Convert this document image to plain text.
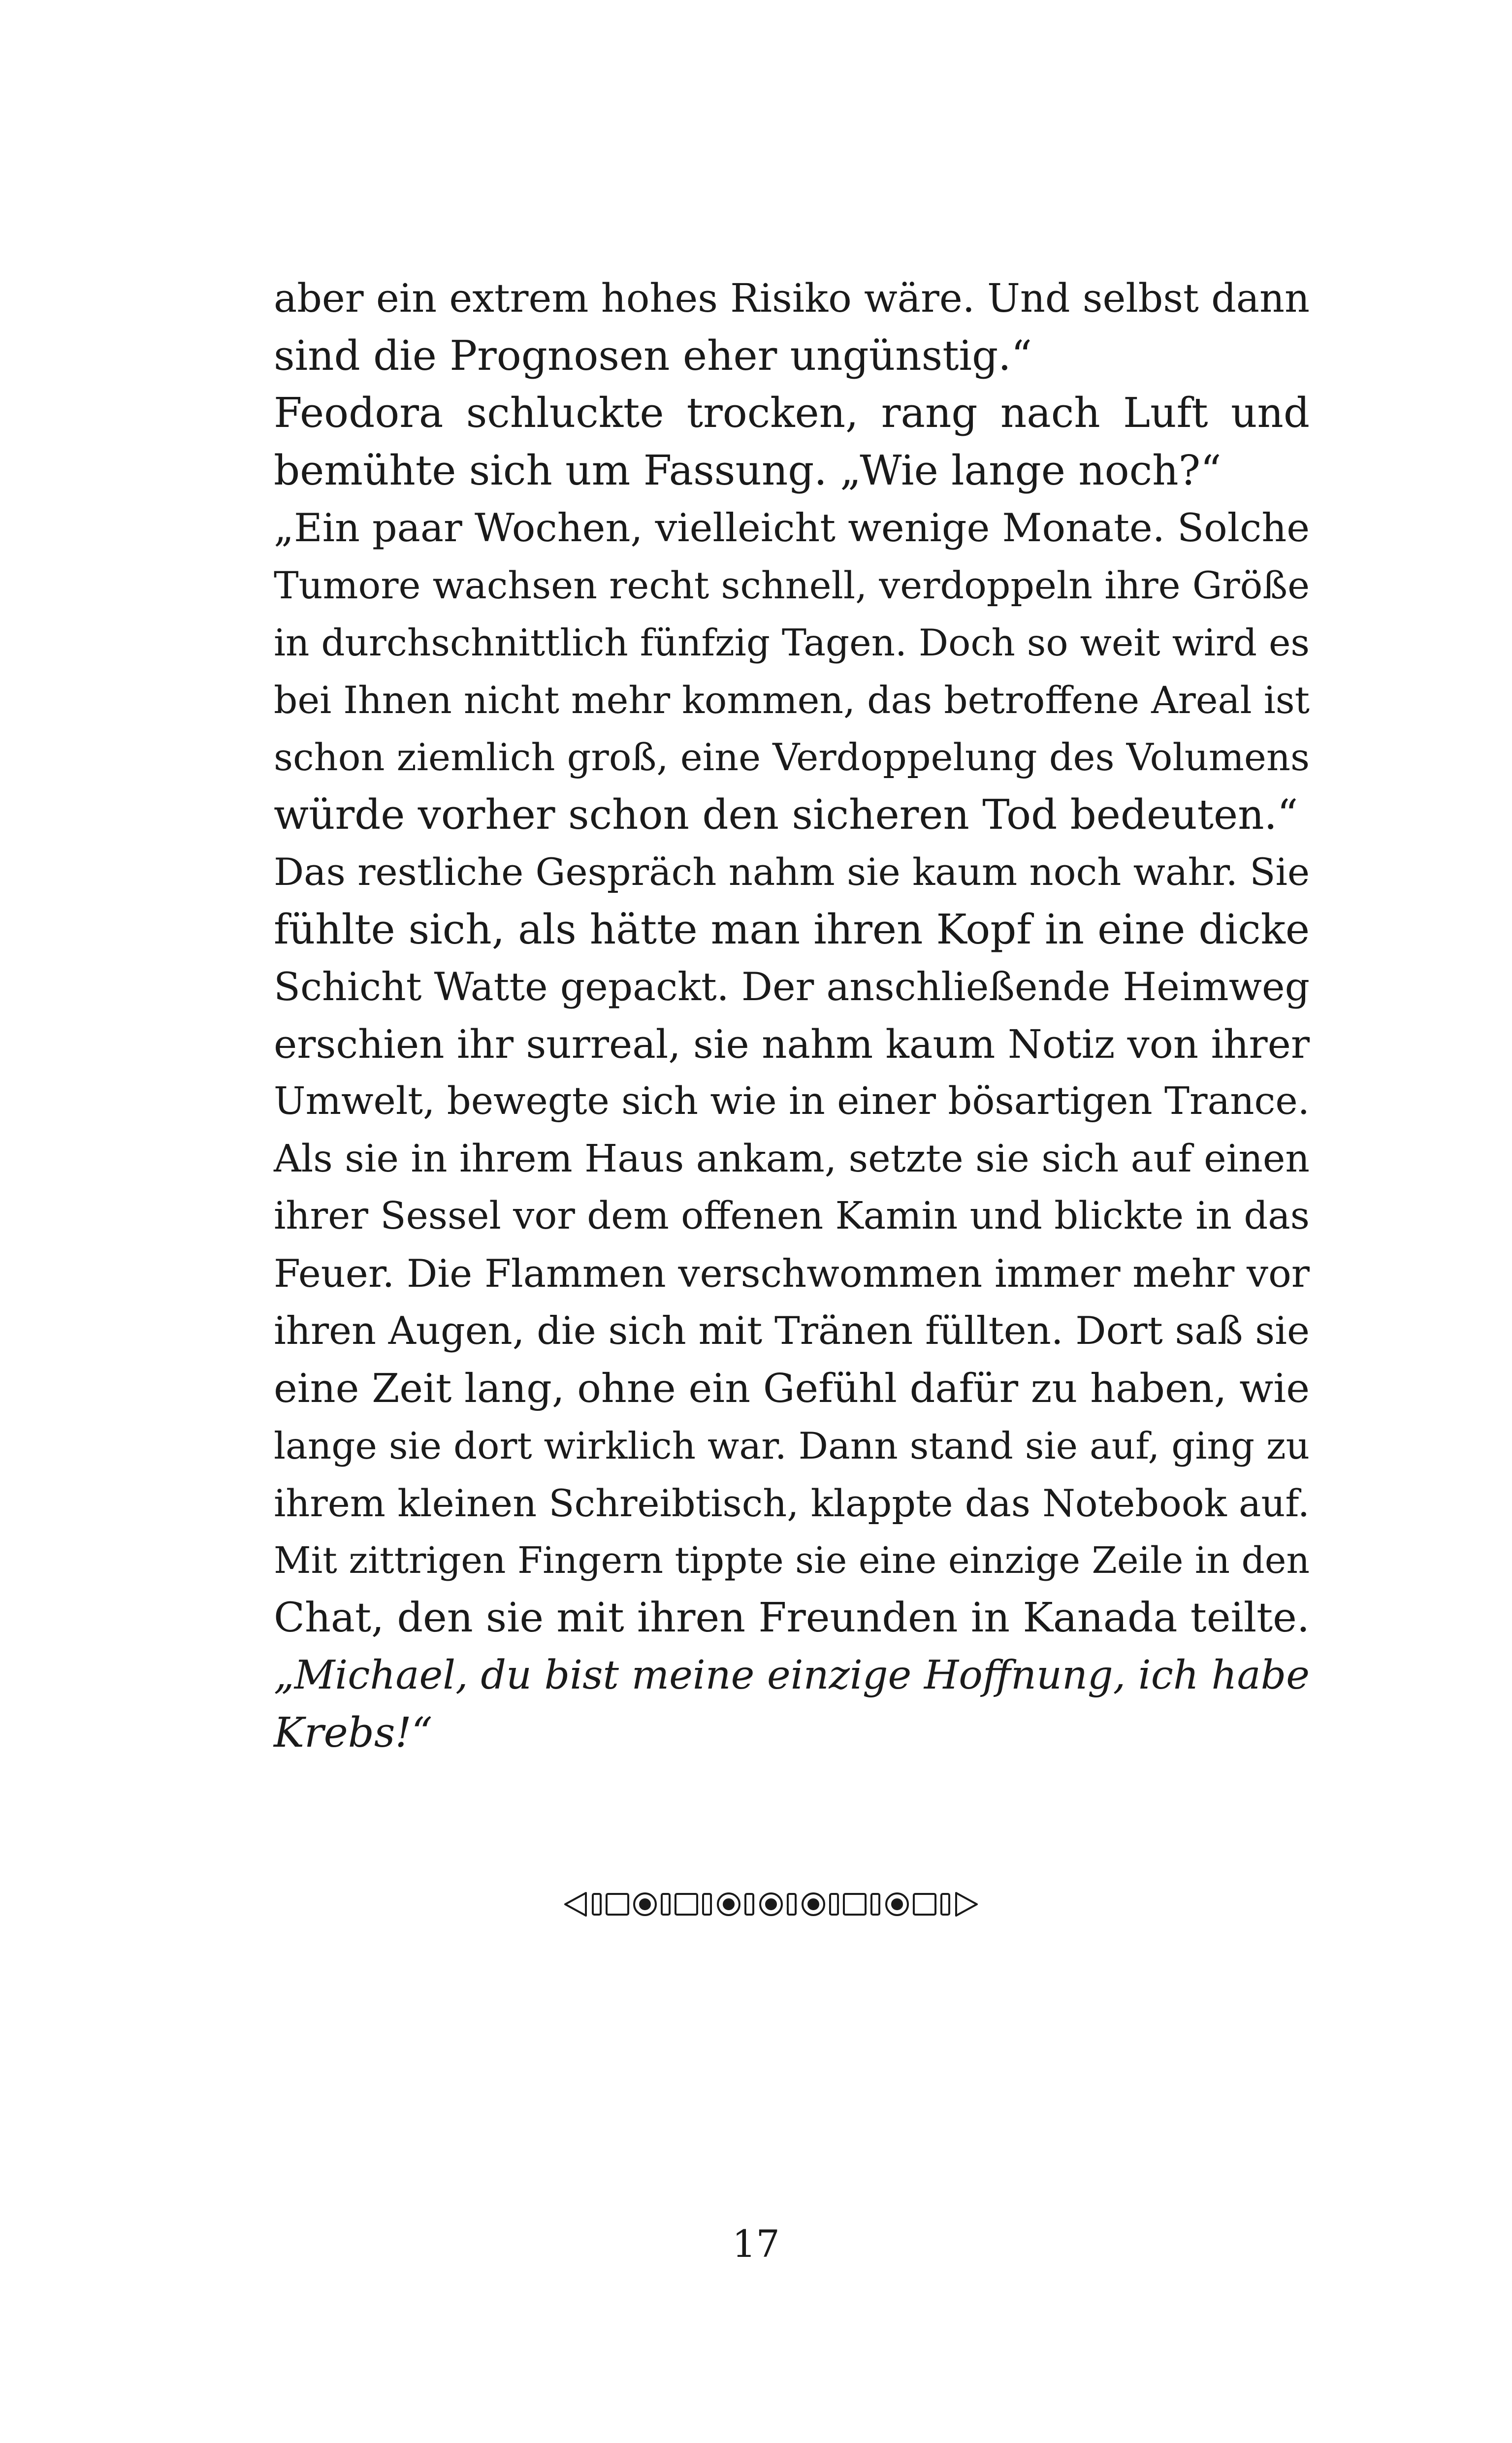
aber ein extrem hohes Risiko wäre. Und selbst dann
sind die Prognosen eher ungünstig.“
Feodora schluckte trocken, rang nach Luft und
bemühte sich um Fassung. „Wie lange noch?“
„Ein paar Wochen, vielleicht wenige Monate. Solche
Tumore wachsen recht schnell, verdoppeln ihre Größe
in durchschnittlich fünfzig Tagen. Doch so weit wird es
bei Ihnen nicht mehr kommen, das betroffene Areal ist
schon ziemlich groß, eine Verdoppelung des Volumens
würde vorher schon den sicheren Tod bedeuten.“
Das restliche Gespräch nahm sie kaum noch wahr. Sie
fühlte sich, als hätte man ihren Kopf in eine dicke
Schicht Watte gepackt. Der anschließende Heimweg
erschien ihr surreal, sie nahm kaum Notiz von ihrer
Umwelt, bewegte sich wie in einer bösartigen Trance.
Als sie in ihrem Haus ankam, setzte sie sich auf einen
ihrer Sessel vor dem offenen Kamin und blickte in das
Feuer. Die Flammen verschwommen immer mehr vor
ihren Augen, die sich mit Tränen füllten. Dort saß sie
eine Zeit lang, ohne ein Gefühl dafür zu haben, wie
lange sie dort wirklich war. Dann stand sie auf, ging zu
ihrem kleinen Schreibtisch, klappte das Notebook auf.
Mit zittrigen Fingern tippte sie eine einzige Zeile in den
Chat, den sie mit ihren Freunden in Kanada teilte.
„Michael, du bist meine einzige Hoffnung, ich habe
Krebs!“
17
